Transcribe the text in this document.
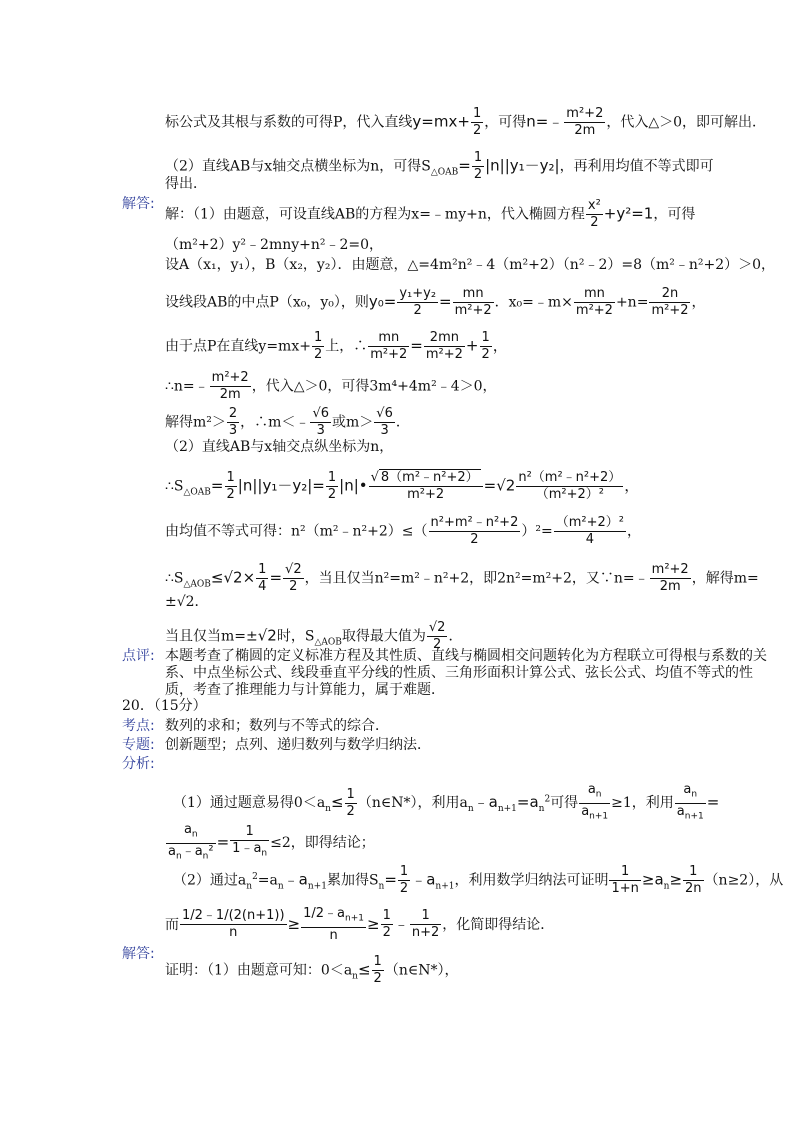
标公式及其根与系数的可得P，代入直线$y=mx+ \frac{1}{2}$ ，可得n=﹣ $\frac{\text{m²+2}}{2m}$ ，代入△＞0，即可解出．
（2）直线AB与x轴交点横坐标为n，可得$S_{\triangle OAB}= \frac{1}{2} |n||y_1-y_2|$，再利用均值不等式即可
得出．
解答:
解：（1）由题意，可设直线AB的方程为x=﹣my+n，代入椭圆方程 $\frac{\text{x²}}{2} +y^2=1$，可得
（m²+2）y²﹣2mny+n²﹣2=0，
设A（x₁，y₁），B（x₂，y₂）．由题意，△=4m²n²﹣4（m²+2）（n²﹣2）=8（m²﹣n²+2）＞0，
设线段AB的中点P（x₀，y₀），则$y_0= \frac{\text{y₁+y₂}}{2} = \frac{mn}{\text{m²+2}}$ ．x₀=﹣m× $\frac{mn}{\text{m²+2}} +n= \frac{2n}{\text{m²+2}}$ ，
由于点P在直线$y=mx+ \frac{1}{2}$ 上，∴ $\frac{mn}{\text{m²+2}} = \frac{2mn}{\text{m²+2}} + \frac{1}{2}$ ，
∴n=﹣ $\frac{\text{m²+2}}{2m}$ ，代入△＞0，可得3m⁴+4m²﹣4＞0，
解得$m^2> \frac{2}{3}$ ，∴m＜﹣ $\frac{√6}{3}$ 或$m> \frac{√6}{3}$ ．
（2）直线AB与x轴交点纵坐标为n，
$\therefore S_{\triangle OAB}= \frac{1}{2} |n||y_1-y_2|= \frac{1}{2}$ |n|• $\frac{\text{√ 8（m²﹣n²+2）}}{\text{m²+2}} =√2 \frac{\text{n²（m²﹣n²+2）}}{\text{（m²+2）²}}$ ，
由均值不等式可得：n²（m²﹣n²+2）≤（ $\frac{\text{n²+m²﹣n²+2}}{2} )^2= \frac{\text{（m²+2）²}}{4}$ ，
$\therefore S_{\triangle AOB}\le√2\times \frac{1}{4} = \frac{√2}{2}$ ，当且仅当n²=m²﹣n²+2，即2n²=m²+2，又∵n=﹣ $\frac{\text{m²+2}}{2m}$ ，解得m=
±√2．
当且仅当m=±√2时，$S_{\triangle AOB}$取得最大值为 $\frac{√2}{2}$ ．
点评: 本题考查了椭圆的定义标准方程及其性质、直线与椭圆相交问题转化为方程联立可得根与系数的关系、中点坐标公式、线段垂直平分线的性质、三角形面积计算公式、弦长公式、均值不等式的性质，考查了推理能力与计算能力，属于难题．
20．（15分）
考点: 数列的求和；数列与不等式的综合．
专题: 创新题型；点列、递归数列与数学归纳法．
分析:
（1）通过题意易得$0<a_n\le \frac{1}{2}$ （n∈N*），利用$a_n﹣a_{n+1}=a_n^2$可得 $\frac{a_n}{a_{n+1}} \ge 1$，利用 $\frac{a_n}{a_{n+1}}$ =
$\frac{a_n}{a_n﹣a_n^2} = \frac{1}{1﹣a_n} \le 2$，即得结论；
（2）通过$a_n^2=a_n﹣a_{n+1}$累加得$S_n= \frac{1}{2}$ $﹣a_{n+1}$，利用数学归纳法可证明 $\frac{1}{1+n} \ge a_n\ge \frac{1}{2n} (n\ge 2)$，从
而 $\frac{1/2﹣1/(2(n+1))}{n} \ge \frac{1/2﹣a_{n+1}}{n} \ge \frac{1}{2}$ ﹣ $\frac{1}{n+2}$ ，化简即得结论．
解答:
证明：（1）由题意可知：$0<a_n\le \frac{1}{2}$ （n∈N*），
